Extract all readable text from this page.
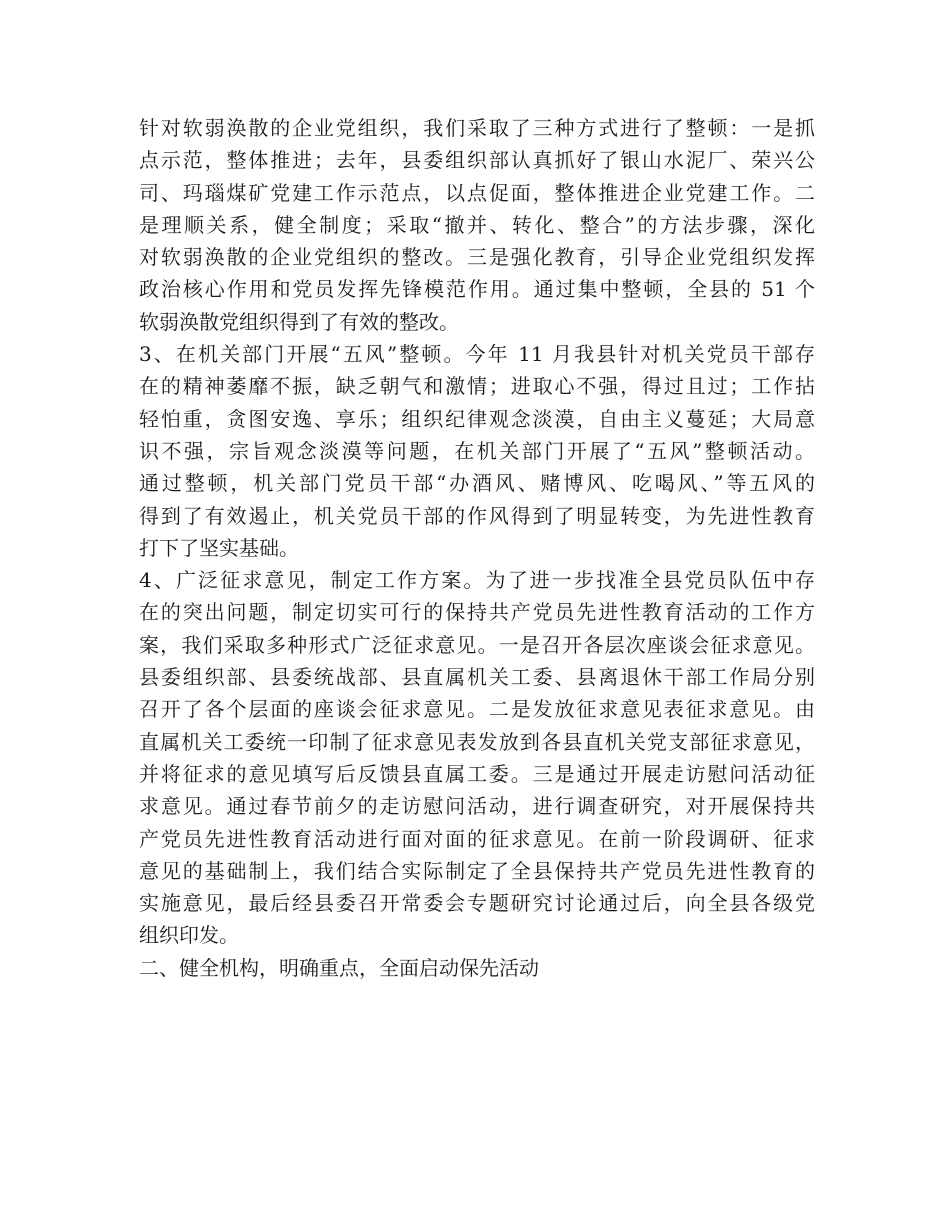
针对软弱涣散的企业党组织，我们采取了三种方式进行了整顿：一是抓
点示范，整体推进；去年，县委组织部认真抓好了银山水泥厂、荣兴公
司、玛瑙煤矿党建工作示范点，以点促面，整体推进企业党建工作。二
是理顺关系，健全制度；采取“撤并、转化、整合”的方法步骤，深化
对软弱涣散的企业党组织的整改。三是强化教育，引导企业党组织发挥
政治核心作用和党员发挥先锋模范作用。通过集中整顿，全县的 51 个
软弱涣散党组织得到了有效的整改。
3、在机关部门开展“五风”整顿。今年 11 月我县针对机关党员干部存
在的精神萎靡不振，缺乏朝气和激情；进取心不强，得过且过；工作拈
轻怕重，贪图安逸、享乐；组织纪律观念淡漠，自由主义蔓延；大局意
识不强，宗旨观念淡漠等问题，在机关部门开展了“五风”整顿活动。
通过整顿，机关部门党员干部“办酒风、赌博风、吃喝风、”等五风的
得到了有效遏止，机关党员干部的作风得到了明显转变，为先进性教育
打下了坚实基础。
4、广泛征求意见，制定工作方案。为了进一步找准全县党员队伍中存
在的突出问题，制定切实可行的保持共产党员先进性教育活动的工作方
案，我们采取多种形式广泛征求意见。一是召开各层次座谈会征求意见。
县委组织部、县委统战部、县直属机关工委、县离退休干部工作局分别
召开了各个层面的座谈会征求意见。二是发放征求意见表征求意见。由
直属机关工委统一印制了征求意见表发放到各县直机关党支部征求意见，
并将征求的意见填写后反馈县直属工委。三是通过开展走访慰问活动征
求意见。通过春节前夕的走访慰问活动，进行调查研究，对开展保持共
产党员先进性教育活动进行面对面的征求意见。在前一阶段调研、征求
意见的基础制上，我们结合实际制定了全县保持共产党员先进性教育的
实施意见，最后经县委召开常委会专题研究讨论通过后，向全县各级党
组织印发。
二、健全机构，明确重点，全面启动保先活动
